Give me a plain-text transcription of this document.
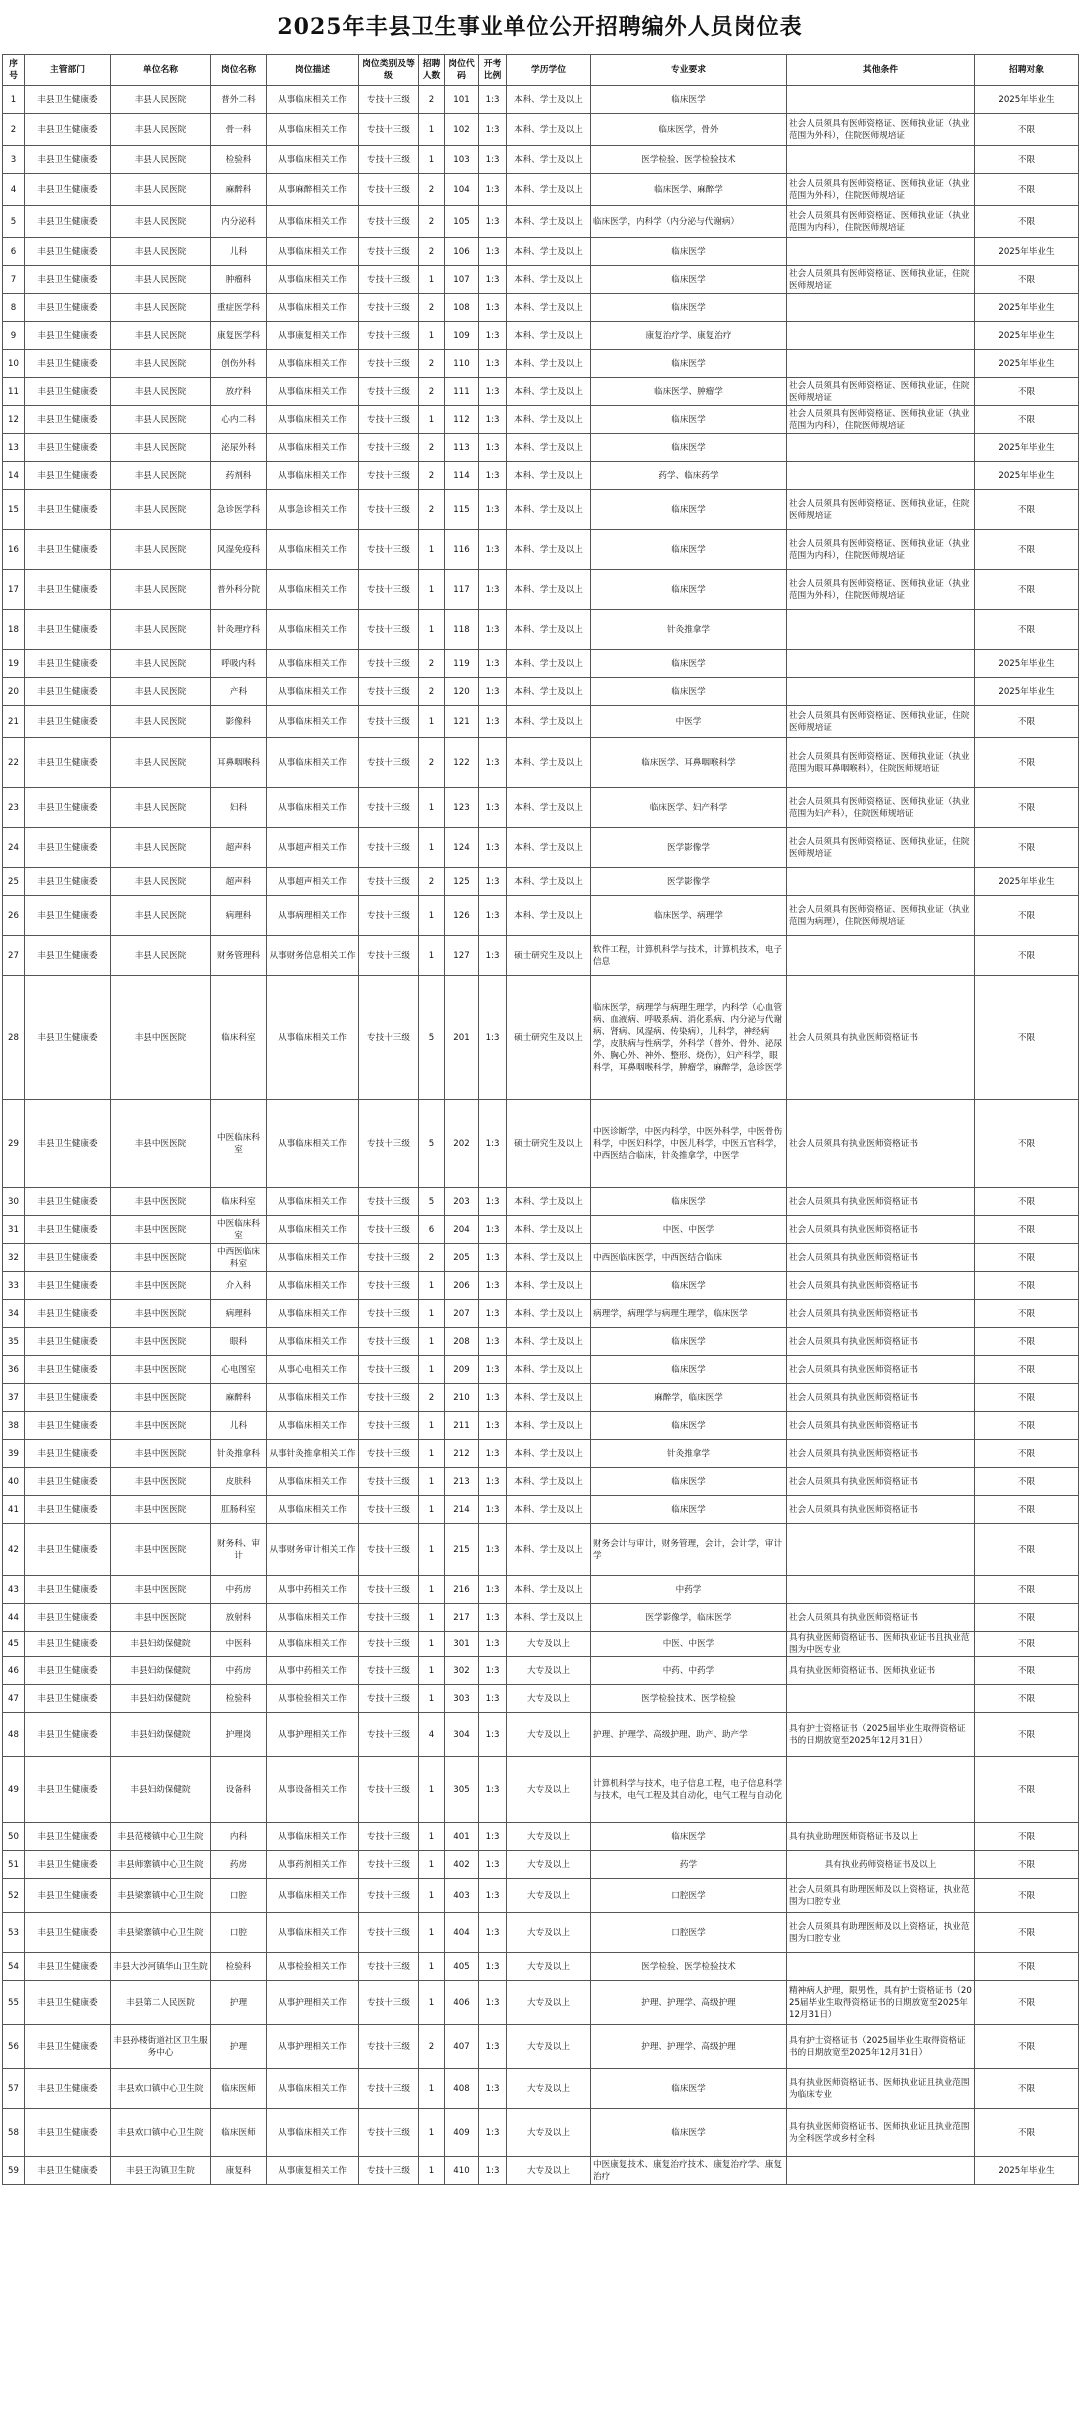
2025年丰县卫生事业单位公开招聘编外人员岗位表
序号	主管部门	单位名称	岗位名称	岗位描述	岗位类别及等级	招聘人数	岗位代码	开考比例	学历学位	专业要求	其他条件	招聘对象
1	丰县卫生健康委	丰县人民医院	普外二科	从事临床相关工作	专技十三级	2	101	1:3	本科、学士及以上	临床医学		2025年毕业生
2	丰县卫生健康委	丰县人民医院	骨一科	从事临床相关工作	专技十三级	1	102	1:3	本科、学士及以上	临床医学，骨外	社会人员须具有医师资格证、医师执业证（执业范围为外科），住院医师规培证	不限
3	丰县卫生健康委	丰县人民医院	检验科	从事临床相关工作	专技十三级	1	103	1:3	本科、学士及以上	医学检验、医学检验技术		不限
4	丰县卫生健康委	丰县人民医院	麻醉科	从事麻醉相关工作	专技十三级	2	104	1:3	本科、学士及以上	临床医学、麻醉学	社会人员须具有医师资格证、医师执业证（执业范围为外科），住院医师规培证	不限
5	丰县卫生健康委	丰县人民医院	内分泌科	从事临床相关工作	专技十三级	2	105	1:3	本科、学士及以上	临床医学，内科学（内分泌与代谢病）	社会人员须具有医师资格证、医师执业证（执业范围为内科），住院医师规培证	不限
6	丰县卫生健康委	丰县人民医院	儿科	从事临床相关工作	专技十三级	2	106	1:3	本科、学士及以上	临床医学		2025年毕业生
7	丰县卫生健康委	丰县人民医院	肿瘤科	从事临床相关工作	专技十三级	1	107	1:3	本科、学士及以上	临床医学	社会人员须具有医师资格证、医师执业证，住院医师规培证	不限
8	丰县卫生健康委	丰县人民医院	重症医学科	从事临床相关工作	专技十三级	2	108	1:3	本科、学士及以上	临床医学		2025年毕业生
9	丰县卫生健康委	丰县人民医院	康复医学科	从事康复相关工作	专技十三级	1	109	1:3	本科、学士及以上	康复治疗学、康复治疗		2025年毕业生
10	丰县卫生健康委	丰县人民医院	创伤外科	从事临床相关工作	专技十三级	2	110	1:3	本科、学士及以上	临床医学		2025年毕业生
11	丰县卫生健康委	丰县人民医院	放疗科	从事临床相关工作	专技十三级	2	111	1:3	本科、学士及以上	临床医学、肿瘤学	社会人员须具有医师资格证、医师执业证，住院医师规培证	不限
12	丰县卫生健康委	丰县人民医院	心内二科	从事临床相关工作	专技十三级	1	112	1:3	本科、学士及以上	临床医学	社会人员须具有医师资格证、医师执业证（执业范围为内科），住院医师规培证	不限
13	丰县卫生健康委	丰县人民医院	泌尿外科	从事临床相关工作	专技十三级	2	113	1:3	本科、学士及以上	临床医学		2025年毕业生
14	丰县卫生健康委	丰县人民医院	药剂科	从事临床相关工作	专技十三级	2	114	1:3	本科、学士及以上	药学、临床药学		2025年毕业生
15	丰县卫生健康委	丰县人民医院	急诊医学科	从事急诊相关工作	专技十三级	2	115	1:3	本科、学士及以上	临床医学	社会人员须具有医师资格证、医师执业证，住院医师规培证	不限
16	丰县卫生健康委	丰县人民医院	风湿免疫科	从事临床相关工作	专技十三级	1	116	1:3	本科、学士及以上	临床医学	社会人员须具有医师资格证、医师执业证（执业范围为内科），住院医师规培证	不限
17	丰县卫生健康委	丰县人民医院	普外科分院	从事临床相关工作	专技十三级	1	117	1:3	本科、学士及以上	临床医学	社会人员须具有医师资格证、医师执业证（执业范围为外科），住院医师规培证	不限
18	丰县卫生健康委	丰县人民医院	针灸理疗科	从事临床相关工作	专技十三级	1	118	1:3	本科、学士及以上	针灸推拿学		不限
19	丰县卫生健康委	丰县人民医院	呼吸内科	从事临床相关工作	专技十三级	2	119	1:3	本科、学士及以上	临床医学		2025年毕业生
20	丰县卫生健康委	丰县人民医院	产科	从事临床相关工作	专技十三级	2	120	1:3	本科、学士及以上	临床医学		2025年毕业生
21	丰县卫生健康委	丰县人民医院	影像科	从事临床相关工作	专技十三级	1	121	1:3	本科、学士及以上	中医学	社会人员须具有医师资格证、医师执业证，住院医师规培证	不限
22	丰县卫生健康委	丰县人民医院	耳鼻咽喉科	从事临床相关工作	专技十三级	2	122	1:3	本科、学士及以上	临床医学、耳鼻咽喉科学	社会人员须具有医师资格证、医师执业证（执业范围为眼耳鼻咽喉科），住院医师规培证	不限
23	丰县卫生健康委	丰县人民医院	妇科	从事临床相关工作	专技十三级	1	123	1:3	本科、学士及以上	临床医学、妇产科学	社会人员须具有医师资格证、医师执业证（执业范围为妇产科），住院医师规培证	不限
24	丰县卫生健康委	丰县人民医院	超声科	从事超声相关工作	专技十三级	1	124	1:3	本科、学士及以上	医学影像学	社会人员须具有医师资格证、医师执业证，住院医师规培证	不限
25	丰县卫生健康委	丰县人民医院	超声科	从事超声相关工作	专技十三级	2	125	1:3	本科、学士及以上	医学影像学		2025年毕业生
26	丰县卫生健康委	丰县人民医院	病理科	从事病理相关工作	专技十三级	1	126	1:3	本科、学士及以上	临床医学、病理学	社会人员须具有医师资格证、医师执业证（执业范围为病理），住院医师规培证	不限
27	丰县卫生健康委	丰县人民医院	财务管理科	从事财务信息相关工作	专技十三级	1	127	1:3	硕士研究生及以上	软件工程，计算机科学与技术，计算机技术，电子信息		不限
28	丰县卫生健康委	丰县中医医院	临床科室	从事临床相关工作	专技十三级	5	201	1:3	硕士研究生及以上	临床医学，病理学与病理生理学，内科学（心血管病、血液病、呼吸系病、消化系病、内分泌与代谢病、肾病、风湿病、传染病），儿科学，神经病学，皮肤病与性病学，外科学（普外、骨外、泌尿外、胸心外、神外、整形、烧伤），妇产科学，眼科学，耳鼻咽喉科学，肿瘤学，麻醉学，急诊医学	社会人员须具有执业医师资格证书	不限
29	丰县卫生健康委	丰县中医医院	中医临床科室	从事临床相关工作	专技十三级	5	202	1:3	硕士研究生及以上	中医诊断学，中医内科学，中医外科学，中医骨伤科学，中医妇科学，中医儿科学，中医五官科学，中西医结合临床，针灸推拿学，中医学	社会人员须具有执业医师资格证书	不限
30	丰县卫生健康委	丰县中医医院	临床科室	从事临床相关工作	专技十三级	5	203	1:3	本科、学士及以上	临床医学	社会人员须具有执业医师资格证书	不限
31	丰县卫生健康委	丰县中医医院	中医临床科室	从事临床相关工作	专技十三级	6	204	1:3	本科、学士及以上	中医、中医学	社会人员须具有执业医师资格证书	不限
32	丰县卫生健康委	丰县中医医院	中西医临床科室	从事临床相关工作	专技十三级	2	205	1:3	本科、学士及以上	中西医临床医学，中西医结合临床	社会人员须具有执业医师资格证书	不限
33	丰县卫生健康委	丰县中医医院	介入科	从事临床相关工作	专技十三级	1	206	1:3	本科、学士及以上	临床医学	社会人员须具有执业医师资格证书	不限
34	丰县卫生健康委	丰县中医医院	病理科	从事临床相关工作	专技十三级	1	207	1:3	本科、学士及以上	病理学，病理学与病理生理学，临床医学	社会人员须具有执业医师资格证书	不限
35	丰县卫生健康委	丰县中医医院	眼科	从事临床相关工作	专技十三级	1	208	1:3	本科、学士及以上	临床医学	社会人员须具有执业医师资格证书	不限
36	丰县卫生健康委	丰县中医医院	心电图室	从事心电相关工作	专技十三级	1	209	1:3	本科、学士及以上	临床医学	社会人员须具有执业医师资格证书	不限
37	丰县卫生健康委	丰县中医医院	麻醉科	从事临床相关工作	专技十三级	2	210	1:3	本科、学士及以上	麻醉学，临床医学	社会人员须具有执业医师资格证书	不限
38	丰县卫生健康委	丰县中医医院	儿科	从事临床相关工作	专技十三级	1	211	1:3	本科、学士及以上	临床医学	社会人员须具有执业医师资格证书	不限
39	丰县卫生健康委	丰县中医医院	针灸推拿科	从事针灸推拿相关工作	专技十三级	1	212	1:3	本科、学士及以上	针灸推拿学	社会人员须具有执业医师资格证书	不限
40	丰县卫生健康委	丰县中医医院	皮肤科	从事临床相关工作	专技十三级	1	213	1:3	本科、学士及以上	临床医学	社会人员须具有执业医师资格证书	不限
41	丰县卫生健康委	丰县中医医院	肛肠科室	从事临床相关工作	专技十三级	1	214	1:3	本科、学士及以上	临床医学	社会人员须具有执业医师资格证书	不限
42	丰县卫生健康委	丰县中医医院	财务科、审计	从事财务审计相关工作	专技十三级	1	215	1:3	本科、学士及以上	财务会计与审计，财务管理，会计，会计学，审计学		不限
43	丰县卫生健康委	丰县中医医院	中药房	从事中药相关工作	专技十三级	1	216	1:3	本科、学士及以上	中药学		不限
44	丰县卫生健康委	丰县中医医院	放射科	从事临床相关工作	专技十三级	1	217	1:3	本科、学士及以上	医学影像学，临床医学	社会人员须具有执业医师资格证书	不限
45	丰县卫生健康委	丰县妇幼保健院	中医科	从事临床相关工作	专技十三级	1	301	1:3	大专及以上	中医、中医学	具有执业医师资格证书、医师执业证书且执业范围为中医专业	不限
46	丰县卫生健康委	丰县妇幼保健院	中药房	从事中药相关工作	专技十三级	1	302	1:3	大专及以上	中药、中药学	具有执业医师资格证书、医师执业证书	不限
47	丰县卫生健康委	丰县妇幼保健院	检验科	从事检验相关工作	专技十三级	1	303	1:3	大专及以上	医学检验技术、医学检验		不限
48	丰县卫生健康委	丰县妇幼保健院	护理岗	从事护理相关工作	专技十三级	4	304	1:3	大专及以上	护理、护理学、高级护理、助产、助产学	具有护士资格证书（2025届毕业生取得资格证书的日期放宽至2025年12月31日）	不限
49	丰县卫生健康委	丰县妇幼保健院	设备科	从事设备相关工作	专技十三级	1	305	1:3	大专及以上	计算机科学与技术，电子信息工程，电子信息科学与技术，电气工程及其自动化，电气工程与自动化		不限
50	丰县卫生健康委	丰县范楼镇中心卫生院	内科	从事临床相关工作	专技十三级	1	401	1:3	大专及以上	临床医学	具有执业助理医师资格证书及以上	不限
51	丰县卫生健康委	丰县师寨镇中心卫生院	药房	从事药剂相关工作	专技十三级	1	402	1:3	大专及以上	药学	具有执业药师资格证书及以上	不限
52	丰县卫生健康委	丰县梁寨镇中心卫生院	口腔	从事临床相关工作	专技十三级	1	403	1:3	大专及以上	口腔医学	社会人员须具有助理医师及以上资格证，执业范围为口腔专业	不限
53	丰县卫生健康委	丰县梁寨镇中心卫生院	口腔	从事临床相关工作	专技十三级	1	404	1:3	大专及以上	口腔医学	社会人员须具有助理医师及以上资格证，执业范围为口腔专业	不限
54	丰县卫生健康委	丰县大沙河镇华山卫生院	检验科	从事检验相关工作	专技十三级	1	405	1:3	大专及以上	医学检验、医学检验技术		不限
55	丰县卫生健康委	丰县第二人民医院	护理	从事护理相关工作	专技十三级	1	406	1:3	大专及以上	护理、护理学、高级护理	精神病人护理，限男性，具有护士资格证书（2025届毕业生取得资格证书的日期放宽至2025年12月31日）	不限
56	丰县卫生健康委	丰县孙楼街道社区卫生服务中心	护理	从事护理相关工作	专技十三级	2	407	1:3	大专及以上	护理、护理学、高级护理	具有护士资格证书（2025届毕业生取得资格证书的日期放宽至2025年12月31日）	不限
57	丰县卫生健康委	丰县欢口镇中心卫生院	临床医师	从事临床相关工作	专技十三级	1	408	1:3	大专及以上	临床医学	具有执业医师资格证书、医师执业证且执业范围为临床专业	不限
58	丰县卫生健康委	丰县欢口镇中心卫生院	临床医师	从事临床相关工作	专技十三级	1	409	1:3	大专及以上	临床医学	具有执业医师资格证书、医师执业证且执业范围为全科医学或乡村全科	不限
59	丰县卫生健康委	丰县王沟镇卫生院	康复科	从事康复相关工作	专技十三级	1	410	1:3	大专及以上	中医康复技术、康复治疗技术、康复治疗学、康复治疗		2025年毕业生
